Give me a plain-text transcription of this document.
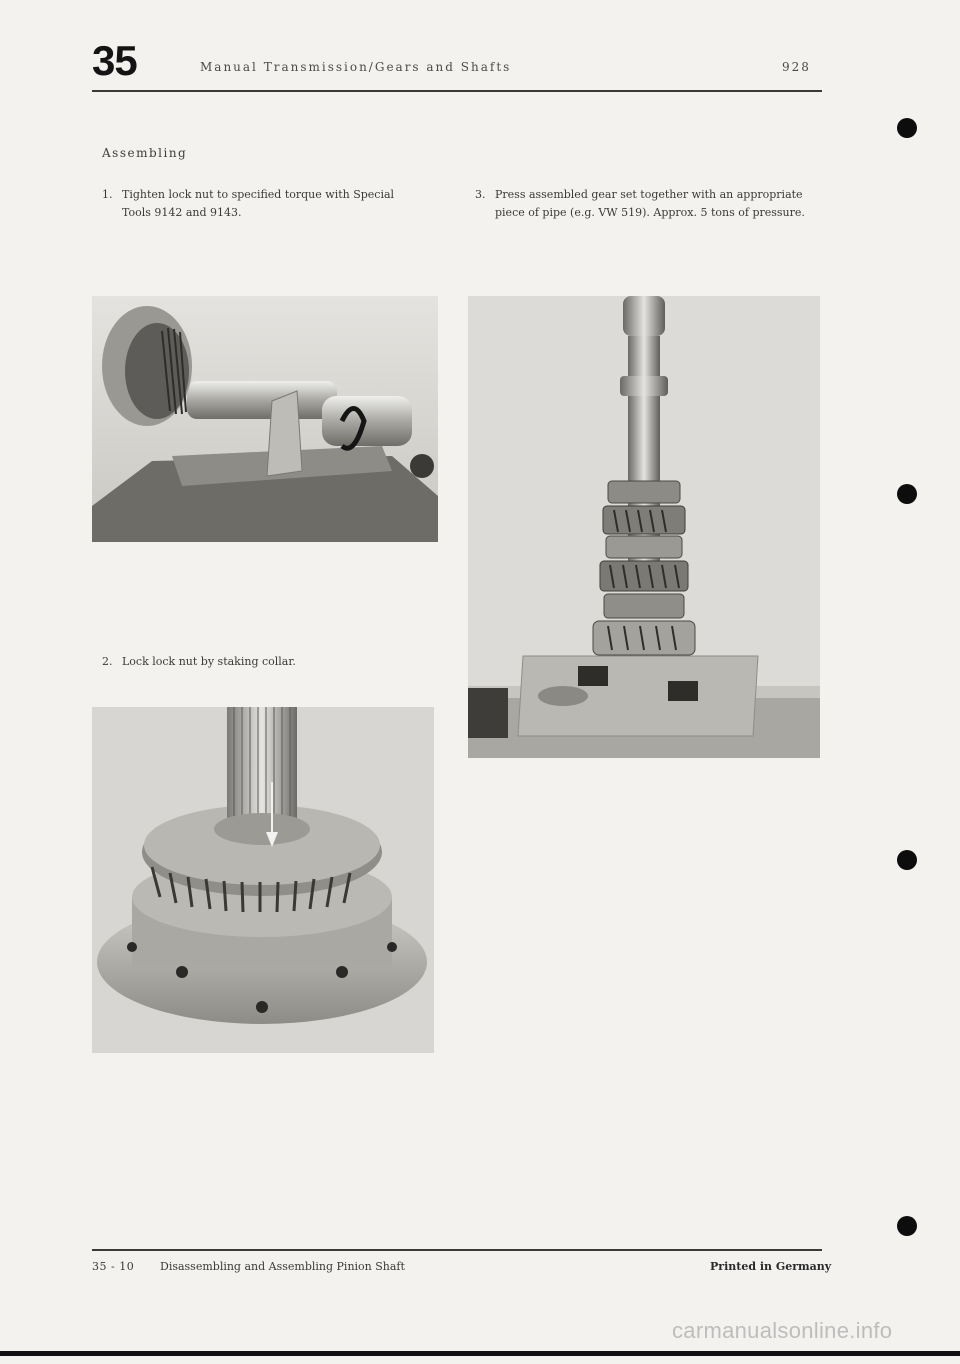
35	Manual Transmission/Gears and Shafts	928
Assembling
1. Tighten lock nut to specified torque with Special Tools 9142 and 9143.
3. Press assembled gear set together with an appropriate piece of pipe (e.g. VW 519). Approx. 5 tons of pressure.
2. Lock lock nut by staking collar.
35 - 10 Disassembling and Assembling Pinion Shaft	Printed in Germany
carmanualsonline.info
